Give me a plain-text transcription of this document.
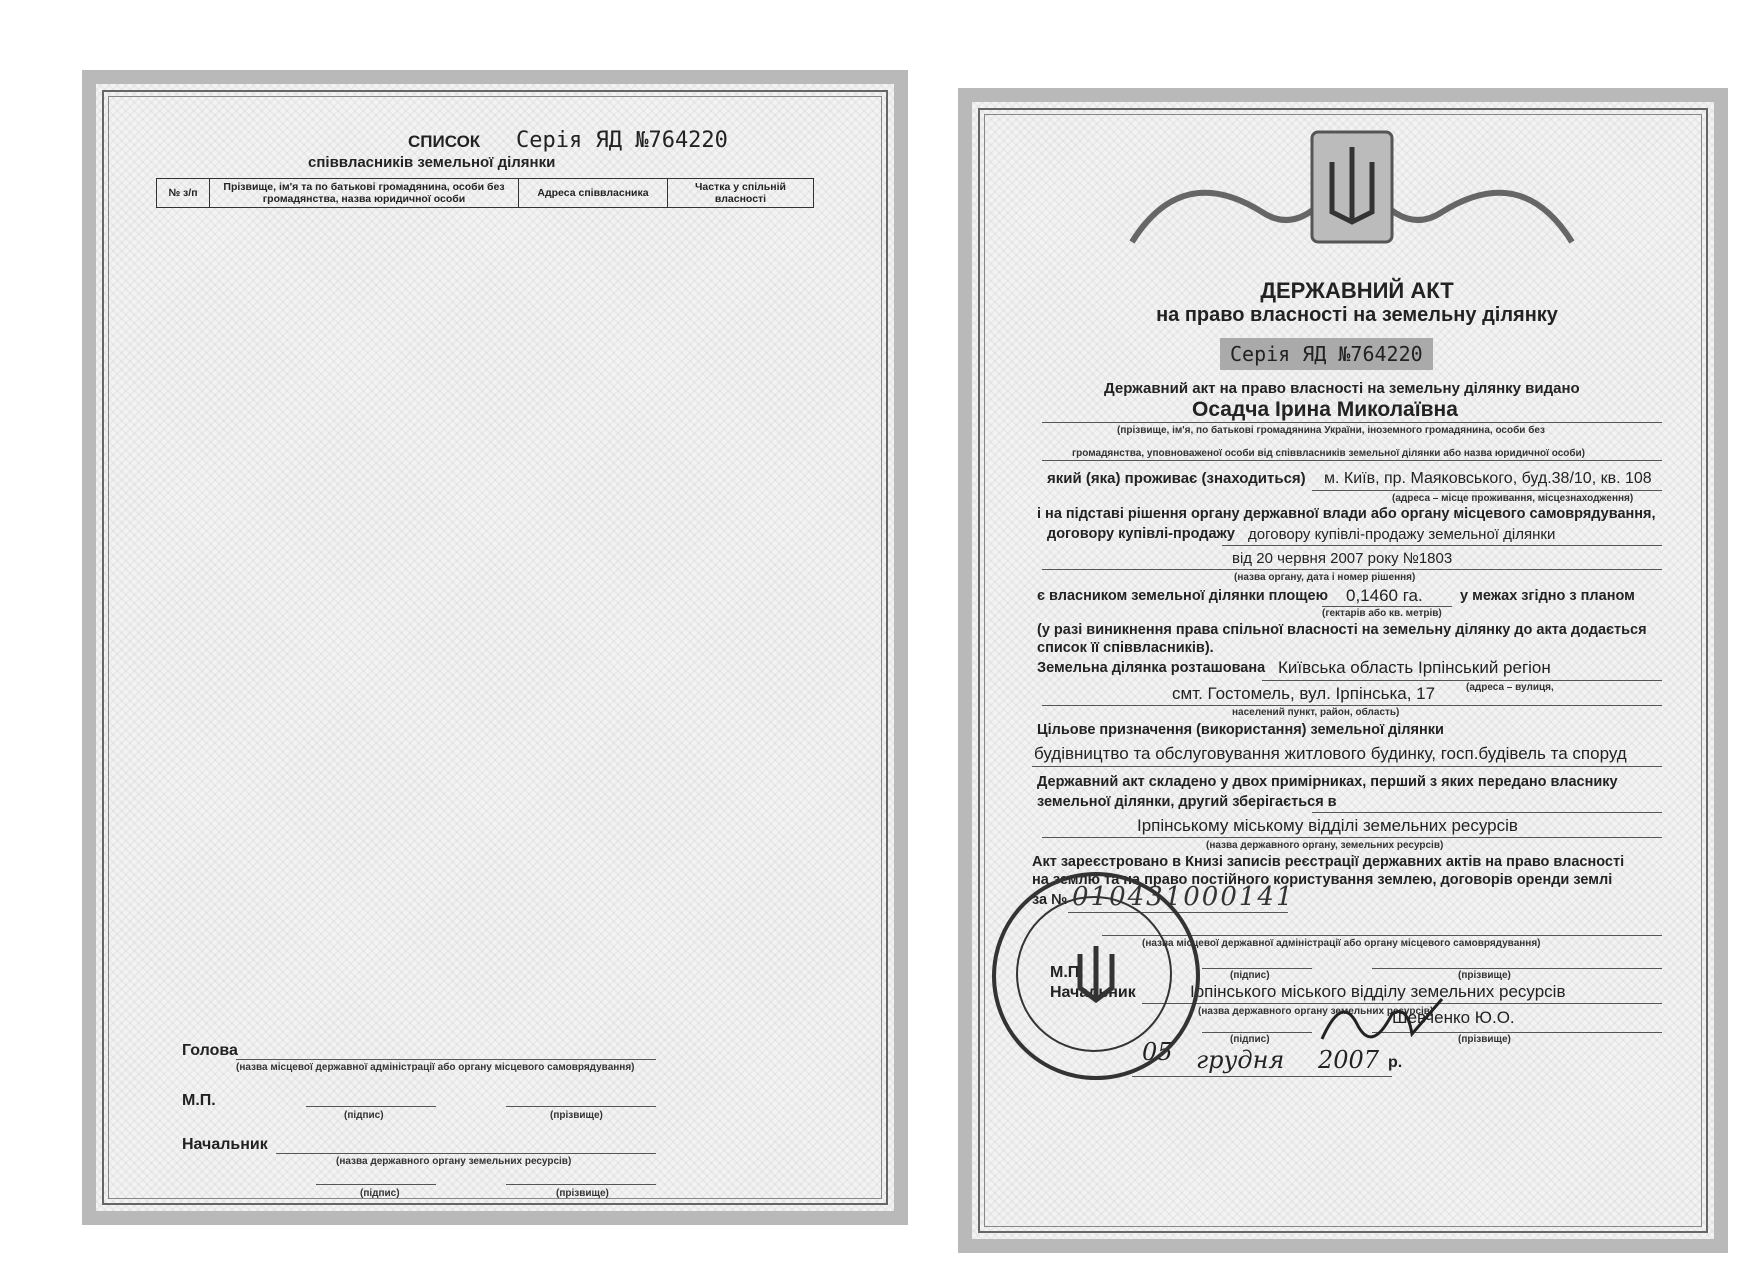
СПИСОК Серія ЯД №764220
співвласників земельної ділянки
№ з/п	Прізвище, ім'я та по батькові громадянина, особи без громадянства, назва юридичної особи	Адреса співвласника	Частка у спільній власності
Голова
(назва місцевої державної адміністрації або органу місцевого самоврядування)
М.П.
(підпис)	(прізвище)
Начальник
(назва державного органу земельних ресурсів)
(підпис)	(прізвище)
ДЕРЖАВНИЙ АКТ
на право власності на земельну ділянку
Серія ЯД №764220
Державний акт на право власності на земельну ділянку видано
Осадча Ірина Миколаївна
(прізвище, ім'я, по батькові громадянина України, іноземного громадянина, особи без
громадянства, уповноваженої особи від співвласників земельної ділянки або назва юридичної особи)
який (яка) проживає (знаходиться) м. Київ, пр. Маяковського, буд.38/10, кв. 108
(адреса – місце проживання, місцезнаходження)
і на підставі рішення органу державної влади або органу місцевого самоврядування,
договору купівлі-продажу договору купівлі-продажу земельної ділянки
від 20 червня 2007 року №1803
(назва органу, дата і номер рішення)
є власником земельної ділянки площею 0,1460 га.	у межах згідно з планом
(гектарів або кв. метрів)
(у разі виникнення права спільної власності на земельну ділянку до акта додається
список її співвласників).
Земельна ділянка розташована Київська область Ірпінський регіон
(адреса – вулиця,
смт. Гостомель, вул. Ірпінська, 17
населений пункт, район, область)
Цільове призначення (використання) земельної ділянки
будівництво та обслуговування житлового будинку, госп.будівель та споруд
Державний акт складено у двох примірниках, перший з яких передано власнику
земельної ділянки, другий зберігається в
Ірпінському міському відділі земельних ресурсів
(назва державного органу, земельних ресурсів)
Акт зареєстровано в Книзі записів реєстрації державних актів на право власності
на землю та на право постійного користування землею, договорів оренди землі
за № 010431000141
(назва місцевої державної адміністрації або органу місцевого самоврядування)
М.П.	(підпис)	(прізвище)
Начальник	Ірпінського міського відділу земельних ресурсів
(назва державного органу земельних ресурсів)
Шевченко Ю.О.
(підпис)	(прізвище)
05 грудня 2007 р.
